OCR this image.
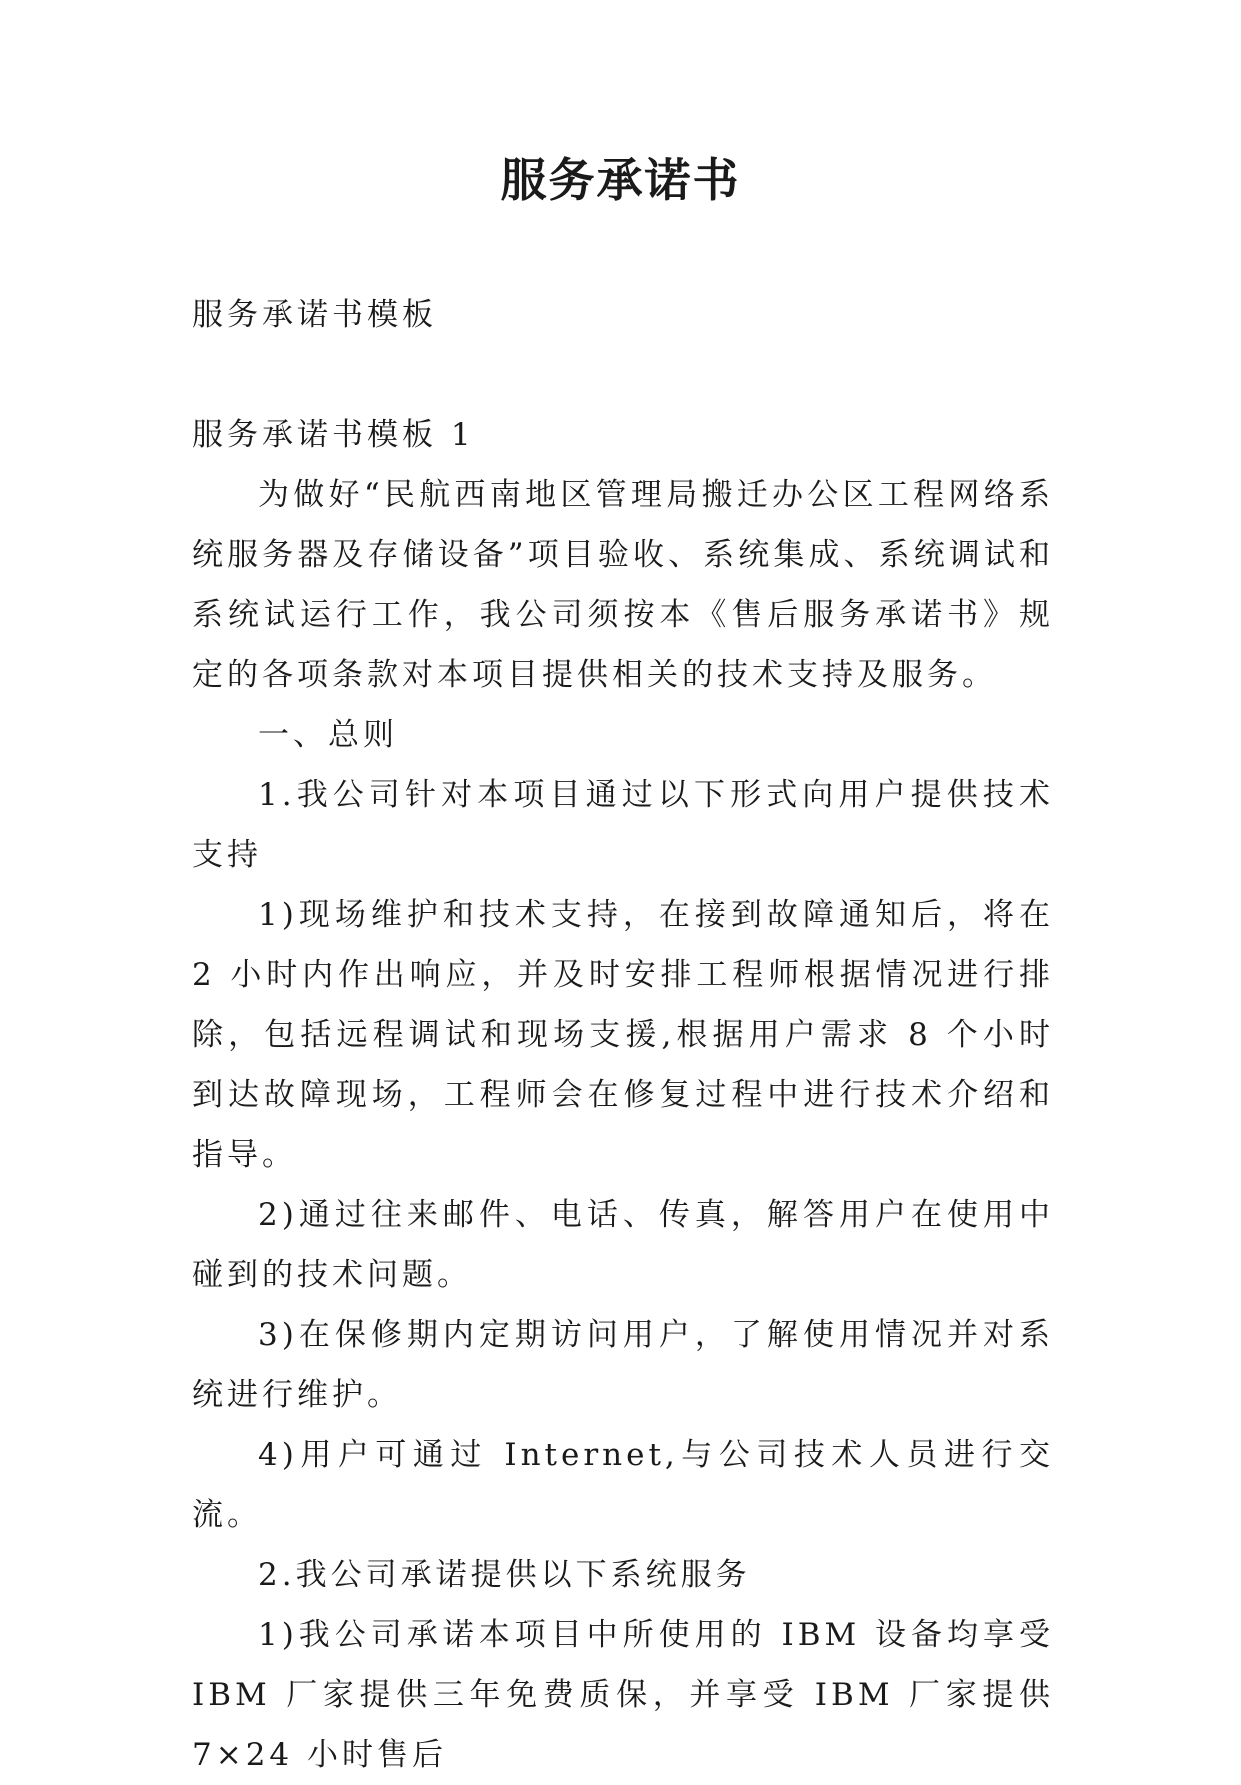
服务承诺书
服务承诺书模板

服务承诺书模板 1

为做好“民航西南地区管理局搬迁办公区工程网络系统服务器及存储设备”项目验收、系统集成、系统调试和系统试运行工作，我公司须按本《售后服务承诺书》规定的各项条款对本项目提供相关的技术支持及服务。

一、总则

1.我公司针对本项目通过以下形式向用户提供技术支持

1)现场维护和技术支持，在接到故障通知后，将在 2 小时内作出响应，并及时安排工程师根据情况进行排除，包括远程调试和现场支援,根据用户需求 8 个小时到达故障现场，工程师会在修复过程中进行技术介绍和指导。

2)通过往来邮件、电话、传真，解答用户在使用中碰到的技术问题。

3)在保修期内定期访问用户，了解使用情况并对系统进行维护。

4)用户可通过 Internet,与公司技术人员进行交流。

2.我公司承诺提供以下系统服务

1)我公司承诺本项目中所使用的 IBM 设备均享受 IBM 厂家提供三年免费质保，并享受 IBM 厂家提供 7×24 小时售后
